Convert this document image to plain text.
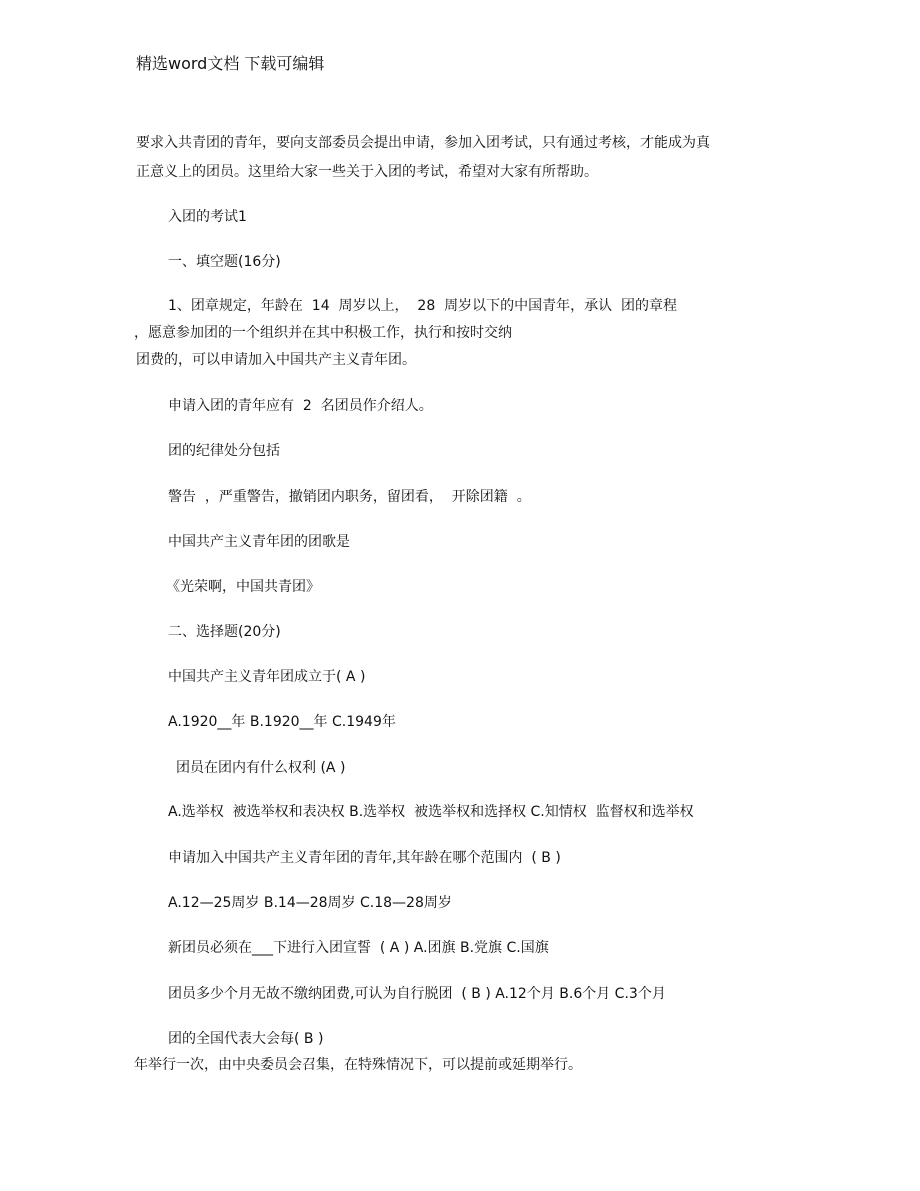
精选word文档 下载可编辑
要求入共青团的青年，要向支部委员会提出申请，参加入团考试，只有通过考核，才能成为真
正意义上的团员。这里给大家一些关于入团的考试，希望对大家有所帮助。
入团的考试1
一、填空题(16分)
1、团章规定，年龄在  14  周岁以上，  28  周岁以下的中国青年，承认  团的章程
，愿意参加团的一个组织并在其中积极工作，执行和按时交纳
团费的，可以申请加入中国共产主义青年团。
申请入团的青年应有  2  名团员作介绍人。
团的纪律处分包括
警告  ，严重警告，撤销团内职务，留团看，  开除团籍  。
中国共产主义青年团的团歌是
《光荣啊，中国共青团》
二、选择题(20分)
中国共产主义青年团成立于( A )
A.1920__年 B.1920__年 C.1949年
团员在团内有什么权利 (A )
A.选举权  被选举权和表决权 B.选举权  被选举权和选择权 C.知情权  监督权和选举权
申请加入中国共产主义青年团的青年,其年龄在哪个范围内  ( B )
A.12—25周岁 B.14—28周岁 C.18—28周岁
新团员必须在___下进行入团宣誓  ( A ) A.团旗 B.党旗 C.国旗
团员多少个月无故不缴纳团费,可认为自行脱团  ( B ) A.12个月 B.6个月 C.3个月
团的全国代表大会每( B )
年举行一次，由中央委员会召集，在特殊情况下，可以提前或延期举行。
